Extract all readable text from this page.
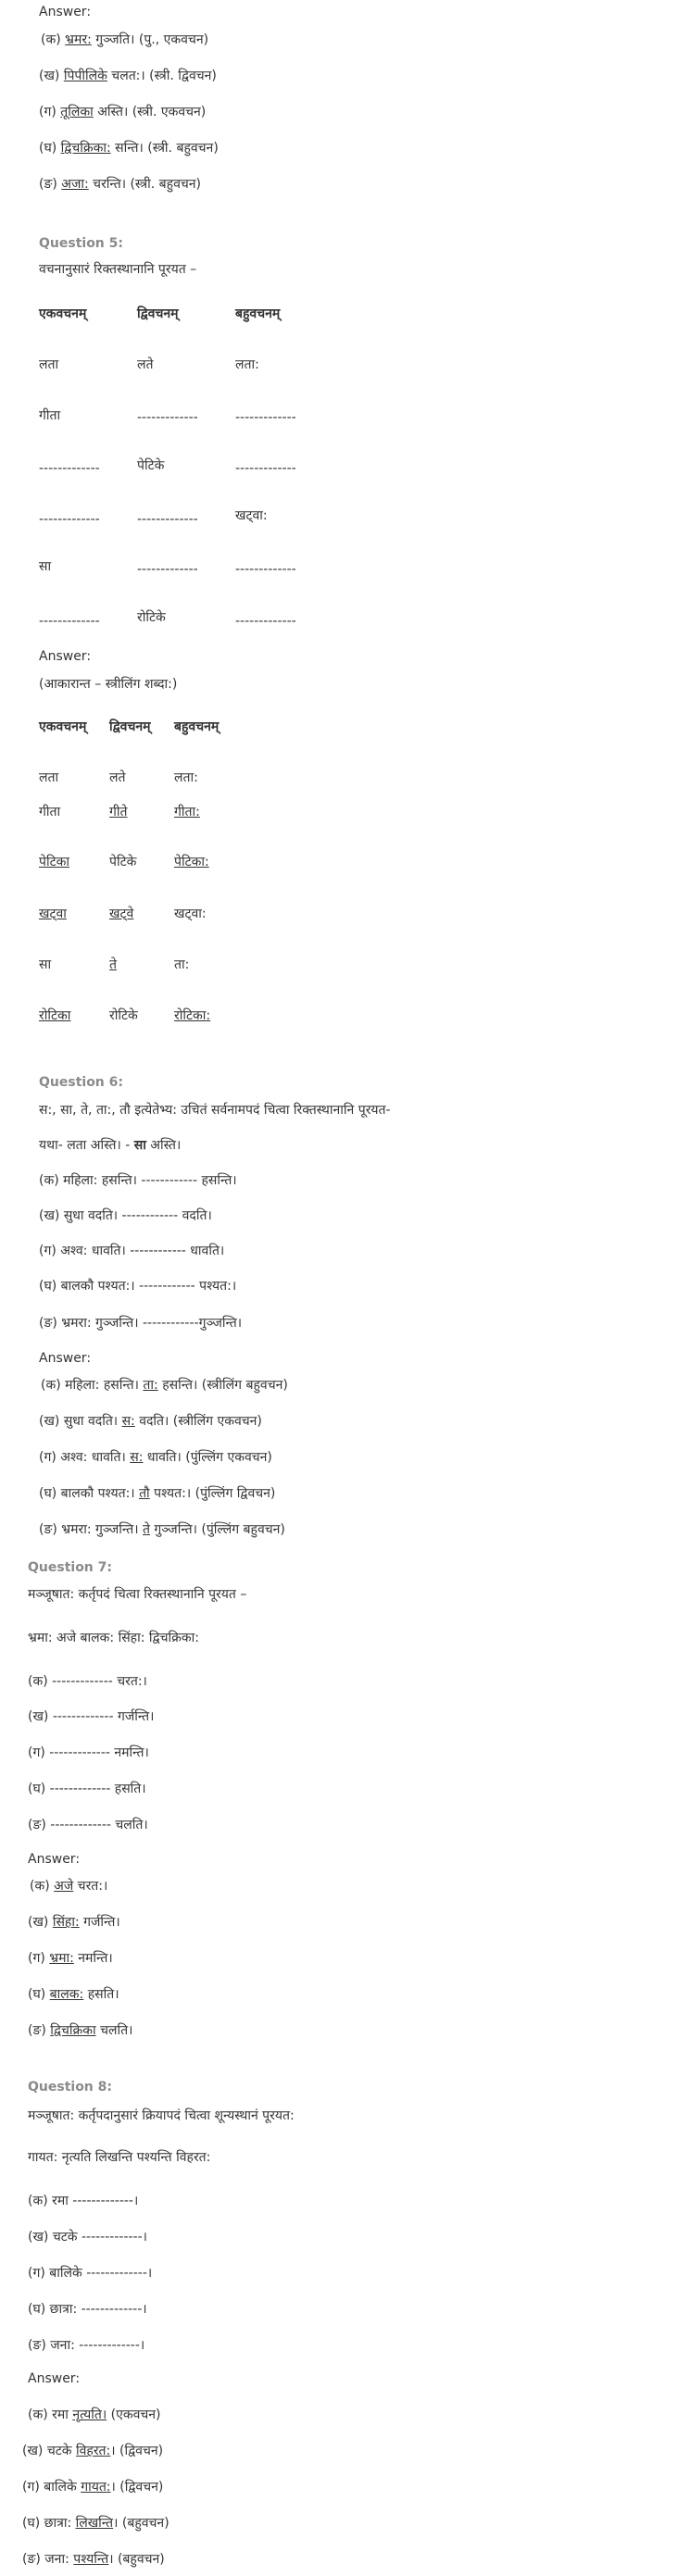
Answer:
(क) भ्रमर: गुञ्जति। (पु., एकवचन)
(ख) पिपीलिके चलत:। (स्त्री. द्विवचन)
(ग) तूलिका अस्ति। (स्त्री. एकवचन)
(घ) द्विचक्रिका: सन्ति। (स्त्री. बहुवचन)
(ङ) अजा: चरन्ति। (स्त्री. बहुवचन)
Question 5:
वचनानुसारं रिक्तस्थानानि पूरयत –
एकवचनम्	द्विवचनम्	बहुवचनम्
लता	लते	लता:
गीता	-------------	-------------
-------------	पेटिके	-------------
-------------	-------------	खट्वा:
सा	-------------	-------------
-------------	रोटिके	-------------
Answer:
(आकारान्त – स्त्रीलिंग शब्दा:)
एकवचनम् द्विवचनम् बहुवचनम्
लता	लते	लता:
गीता	गीते	गीता:
पेटिका	पेटिके	पेटिका:
खट्वा	खट्वे	खट्वा:
सा	ते	ता:
रोटिका	रोटिके	रोटिका:
Question 6:
स:, सा, ते, ता:, तौ इत्येतेभ्य: उचितं सर्वनामपदं चित्वा रिक्तस्थानानि पूरयत-
यथा- लता अस्ति। - सा अस्ति।
(क) महिला: हसन्ति। ------------ हसन्ति।
(ख) सुधा वदति। ------------ वदति।
(ग) अश्व: धावति। ------------ धावति।
(घ) बालकौ पश्यत:। ------------ पश्यत:।
(ङ) भ्रमरा: गुञ्जन्ति। ------------गुञ्जन्ति।
Answer:
(क) महिला: हसन्ति। ता: हसन्ति। (स्त्रीलिंग बहुवचन)
(ख) सुधा वदति। स: वदति। (स्त्रीलिंग एकवचन)
(ग) अश्व: धावति। स: धावति। (पुंल्लिंग एकवचन)
(घ) बालकौ पश्यत:। तौ पश्यत:। (पुंल्लिंग द्विवचन)
(ङ) भ्रमरा: गुञ्जन्ति। ते गुञ्जन्ति। (पुंल्लिंग बहुवचन)
Question 7:
मञ्जूषात: कर्तृपदं चित्वा रिक्तस्थानानि पूरयत –
भ्रमा: अजे बालक: सिंहा: द्विचक्रिका:
(क) ------------- चरत:।
(ख) ------------- गर्जन्ति।
(ग) ------------- नमन्ति।
(घ) ------------- हसति।
(ङ) ------------- चलति।
Answer:
(क) अजे चरत:।
(ख) सिंहा: गर्जन्ति।
(ग) भ्रमा: नमन्ति।
(घ) बालक: हसति।
(ङ) द्विचक्रिका चलति।
Question 8:
मञ्जूषात: कर्तृपदानुसारं क्रियापदं चित्वा शून्यस्थानं पूरयत:
गायत: नृत्यति लिखन्ति पश्यन्ति विहरत:
(क) रमा -------------।
(ख) चटके -------------।
(ग) बालिके -------------।
(घ) छात्रा: -------------।
(ङ) जना: -------------।
Answer:
(क) रमा नृत्यति। (एकवचन)
(ख) चटके विहरत:। (द्विवचन)
(ग) बालिके गायत:। (द्विवचन)
(घ) छात्रा: लिखन्ति। (बहुवचन)
(ङ) जना: पश्यन्ति। (बहुवचन)
